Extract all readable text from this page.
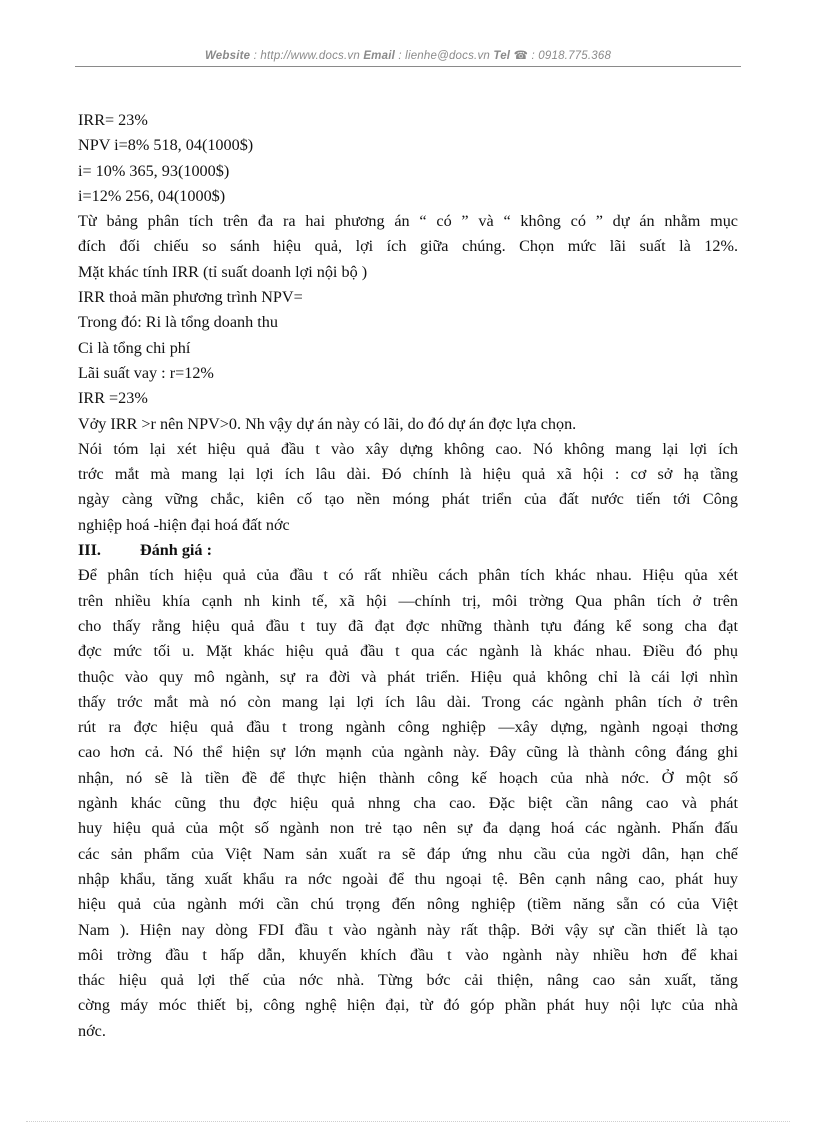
Website : http://www.docs.vn Email : lienhe@docs.vn Tel ☎ : 0918.775.368
IRR= 23%
NPV i=8% 518, 04(1000$)
i= 10% 365, 93(1000$)
i=12% 256, 04(1000$)
Từ bảng phân tích trên đa ra hai phương án “ có ” và “ không có ” dự án nhằm mục
đích đối chiếu so sánh hiệu quả, lợi ích giữa chúng. Chọn mức lãi suất là 12%.
Mặt khác tính IRR (tỉ suất doanh lợi nội bộ )
IRR thoả mãn phương trình NPV=
Trong đó: Ri là tổng doanh thu
Ci là tổng chi phí
Lãi suất vay : r=12%
IRR =23%
Vởy IRR >r nên NPV>0. Nh vậy dự án này có lãi, do đó dự án đợc lựa chọn.
Nói tóm lại xét hiệu quả đầu t vào xây dựng không cao. Nó không mang lại lợi ích
trớc mắt mà mang lại lợi ích lâu dài. Đó chính là hiệu quả xã hội : cơ sở hạ tầng
ngày càng vững chắc, kiên cố tạo nền móng phát triển của đất nước tiến tới Công
nghiệp hoá -hiện đại hoá đất nớc
III. Đánh giá :
Để phân tích hiệu quả của đầu t có rất nhiều cách phân tích khác nhau. Hiệu qủa xét
trên nhiều khía cạnh nh kinh tế, xã hội —chính trị, môi trờng Qua phân tích ở trên
cho thấy rằng hiệu quả đầu t tuy đã đạt đợc những thành tựu đáng kể song cha đạt
đợc mức tối u. Mặt khác hiệu quả đầu t qua các ngành là khác nhau. Điều đó phụ
thuộc vào quy mô ngành, sự ra đời và phát triển. Hiệu quả không chỉ là cái lợi nhìn
thấy trớc mắt mà nó còn mang lại lợi ích lâu dài. Trong các ngành phân tích ở trên
rút ra đợc hiệu quả đầu t trong ngành công nghiệp —xây dựng, ngành ngoại thơng
cao hơn cả. Nó thể hiện sự lớn mạnh của ngành này. Đây cũng là thành công đáng ghi
nhận, nó sẽ là tiền đề để thực hiện thành công kế hoạch của nhà nớc. Ở một số
ngành khác cũng thu đợc hiệu quả nhng cha cao. Đặc biệt cần nâng cao và phát
huy hiệu quả của một số ngành non trẻ tạo nên sự đa dạng hoá các ngành. Phấn đấu
các sản phẩm của Việt Nam sản xuất ra sẽ đáp ứng nhu cầu của ngời dân, hạn chế
nhập khẩu, tăng xuất khẩu ra nớc ngoài để thu ngoại tệ. Bên cạnh nâng cao, phát huy
hiệu quả của ngành mới cần chú trọng đến nông nghiệp (tiềm năng sẵn có của Việt
Nam ). Hiện nay dòng FDI đầu t vào ngành này rất thập. Bởi vậy sự cần thiết là tạo
môi trờng đầu t hấp dẫn, khuyến khích đầu t vào ngành này nhiều hơn để khai
thác hiệu quả lợi thế của nớc nhà. Từng bớc cải thiện, nâng cao sản xuất, tăng
cờng máy móc thiết bị, công nghệ hiện đại, từ đó góp phần phát huy nội lực của nhà
nớc.
